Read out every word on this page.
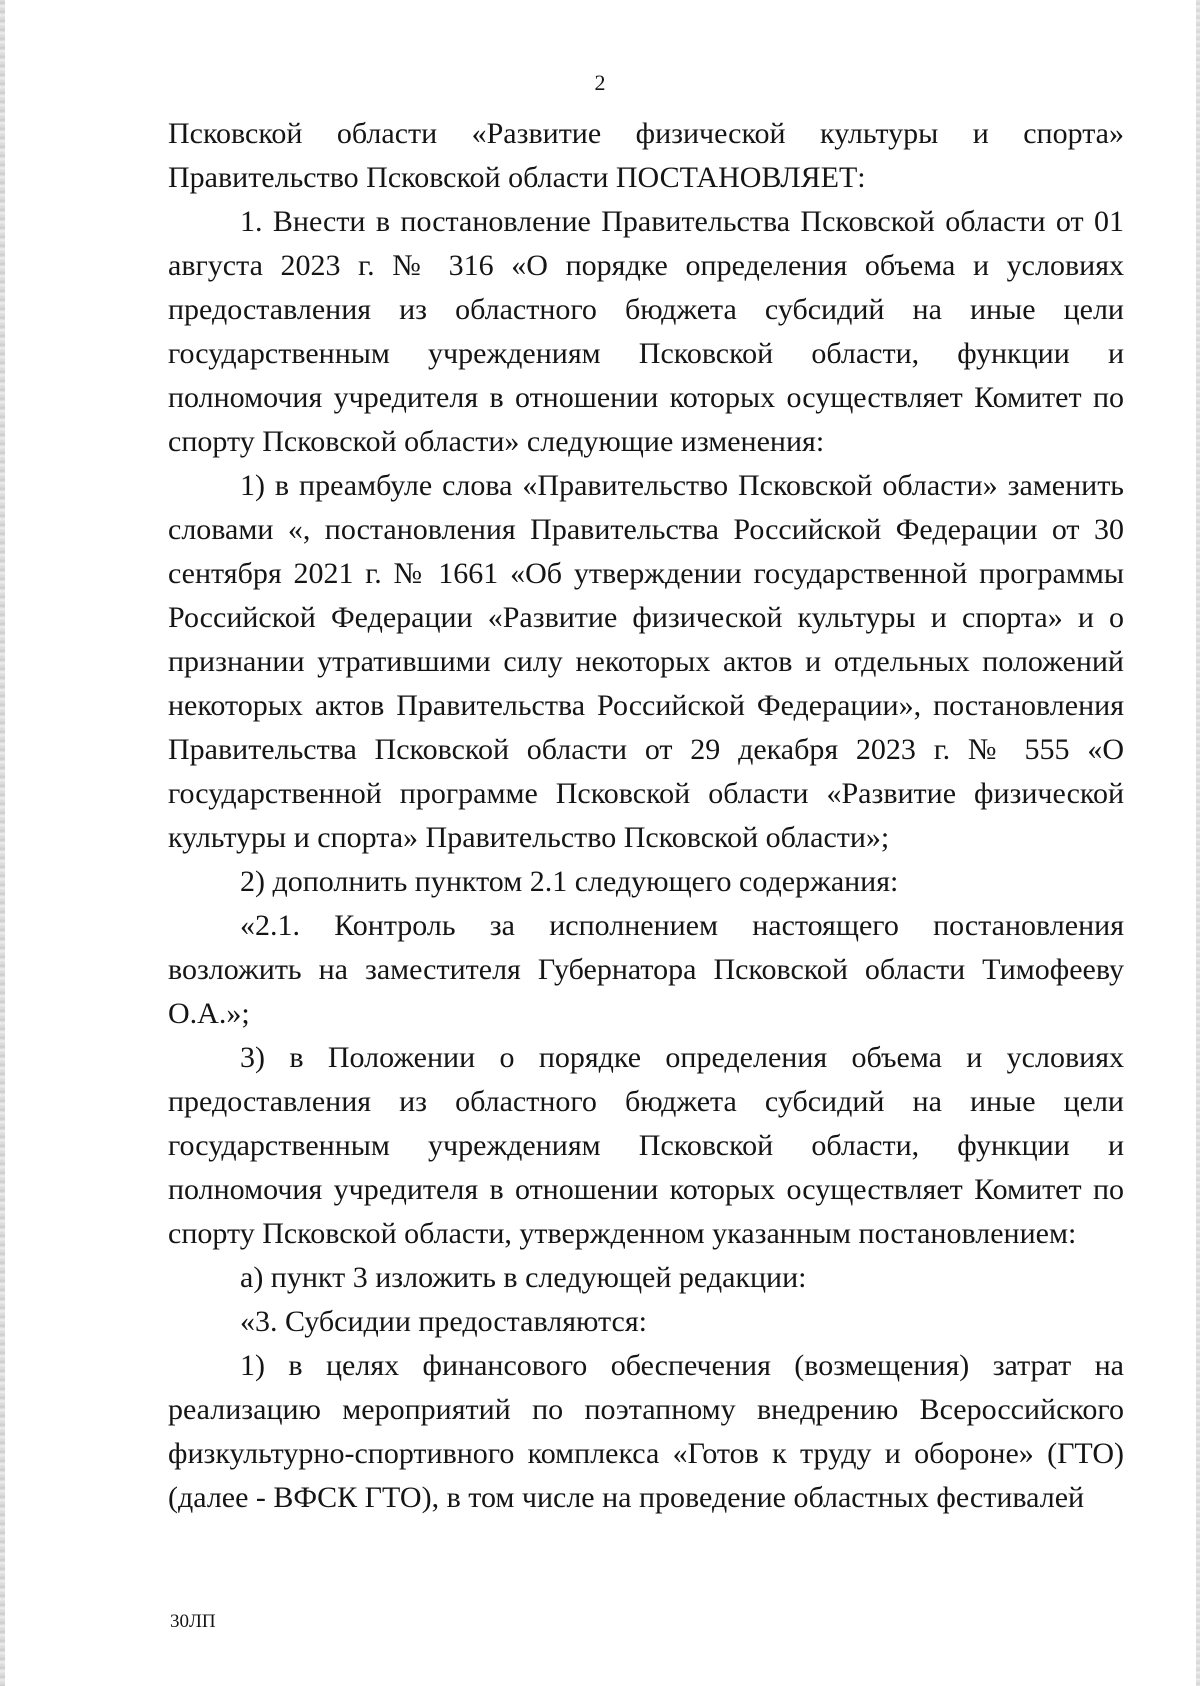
2

Псковской области «Развитие физической культуры и спорта» Правительство Псковской области ПОСТАНОВЛЯЕТ:

1. Внести в постановление Правительства Псковской области от 01 августа 2023 г. № 316 «О порядке определения объема и условиях предоставления из областного бюджета субсидий на иные цели государственным учреждениям Псковской области, функции и полномочия учредителя в отношении которых осуществляет Комитет по спорту Псковской области» следующие изменения:

1) в преамбуле слова «Правительство Псковской области» заменить словами «, постановления Правительства Российской Федерации от 30 сентября 2021 г. № 1661 «Об утверждении государственной программы Российской Федерации «Развитие физической культуры и спорта» и о признании утратившими силу некоторых актов и отдельных положений некоторых актов Правительства Российской Федерации», постановления Правительства Псковской области от 29 декабря 2023 г. № 555 «О государственной программе Псковской области «Развитие физической культуры и спорта» Правительство Псковской области»;

2) дополнить пунктом 2.1 следующего содержания:

«2.1. Контроль за исполнением настоящего постановления возложить на заместителя Губернатора Псковской области Тимофееву О.А.»;

3) в Положении о порядке определения объема и условиях предоставления из областного бюджета субсидий на иные цели государственным учреждениям Псковской области, функции и полномочия учредителя в отношении которых осуществляет Комитет по спорту Псковской области, утвержденном указанным постановлением:

а) пункт 3 изложить в следующей редакции:

«3. Субсидии предоставляются:

1) в целях финансового обеспечения (возмещения) затрат на реализацию мероприятий по поэтапному внедрению Всероссийского физкультурно-спортивного комплекса «Готов к труду и обороне» (ГТО) (далее - ВФСК ГТО), в том числе на проведение областных фестивалей

30ЛП
